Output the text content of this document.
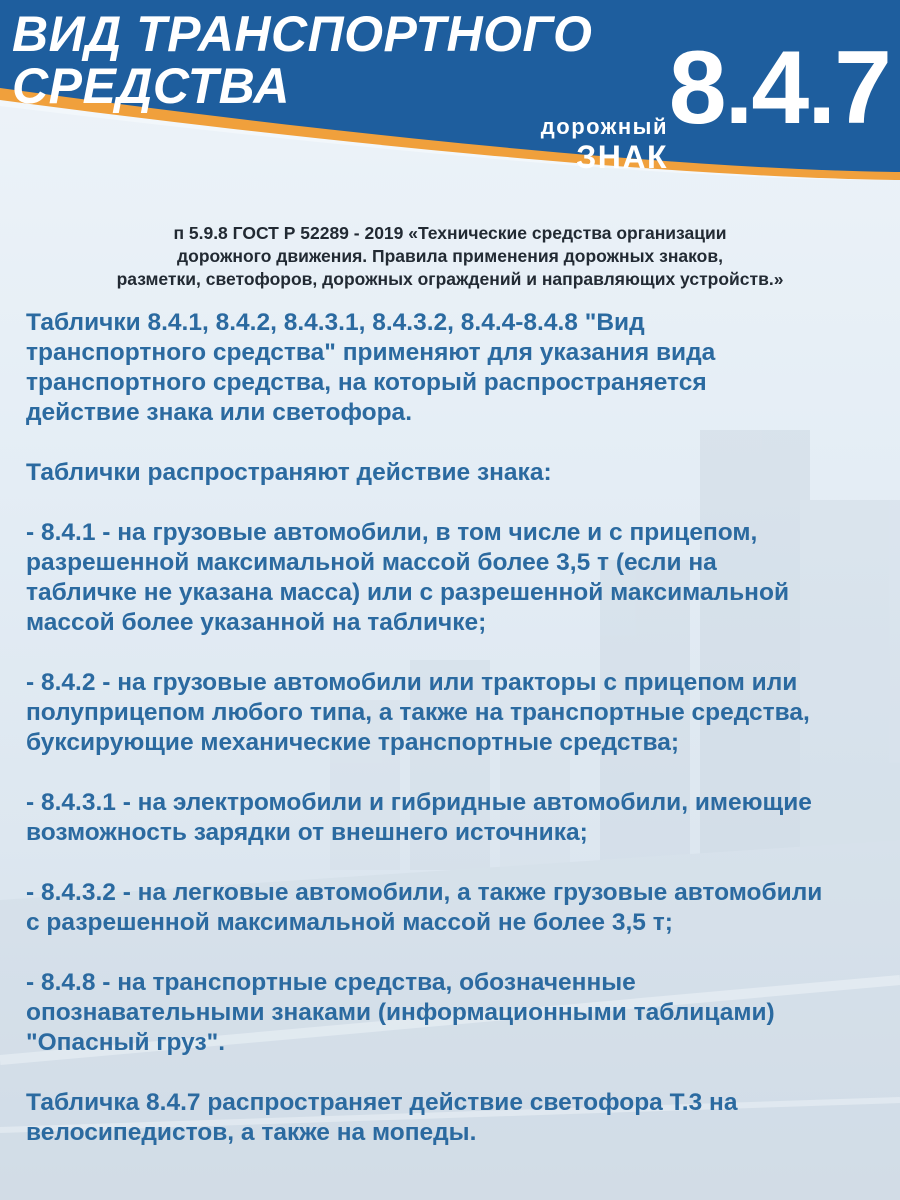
ВИД ТРАНСПОРТНОГО
СРЕДСТВА
дорожный
ЗНАК
8.4.7
п 5.9.8 ГОСТ Р 52289 - 2019 «Технические средства организации
дорожного движения. Правила применения дорожных знаков,
разметки, светофоров, дорожных ограждений и направляющих устройств.»

Таблички 8.4.1, 8.4.2, 8.4.3.1, 8.4.3.2, 8.4.4-8.4.8 "Вид
транспортного средства" применяют для указания вида
транспортного средства, на который распространяется
действие знака или светофора.

Таблички распространяют действие знака:

- 8.4.1 - на грузовые автомобили, в том числе и с прицепом,
разрешенной максимальной массой более 3,5 т (если на
табличке не указана масса) или с разрешенной максимальной
массой более указанной на табличке;

- 8.4.2 - на грузовые автомобили или тракторы с прицепом или
полуприцепом любого типа, а также на транспортные средства,
буксирующие механические транспортные средства;

- 8.4.3.1 - на электромобили и гибридные автомобили, имеющие
возможность зарядки от внешнего источника;

- 8.4.3.2 - на легковые автомобили, а также грузовые автомобили
с разрешенной максимальной массой не более 3,5 т;

- 8.4.8 - на транспортные средства, обозначенные
опознавательными знаками (информационными таблицами)
"Опасный груз".

Табличка 8.4.7 распространяет действие светофора Т.3 на
велосипедистов, а также на мопеды.
